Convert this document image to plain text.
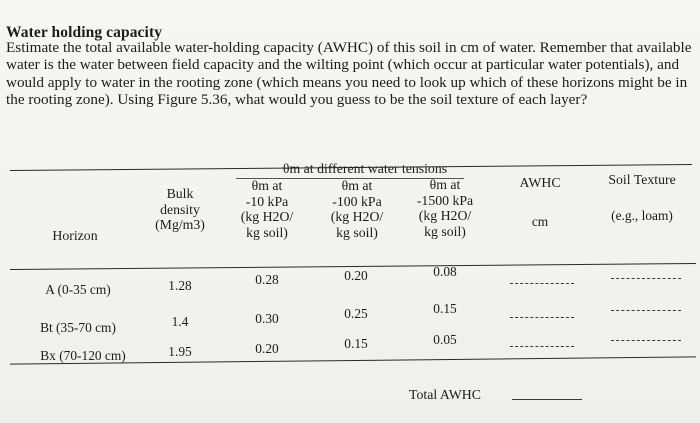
Water holding capacity
Estimate the total available water-holding capacity (AWHC) of this soil in cm of water. Remember that available water is the water between field capacity and the wilting point (which occur at particular water potentials), and would apply to water in the rooting zone (which means you need to look up which of these horizons might be in the rooting zone). Using Figure 5.36, what would you guess to be the soil texture of each layer?
θm at different water tensions
Horizon
Bulk
density
(Mg/m3)
θm at
-10 kPa
(kg H2O/
kg soil)
θm at
-100 kPa
(kg H2O/
kg soil)
θm at
-1500 kPa
(kg H2O/
kg soil)
AWHC
cm
Soil Texture
(e.g., loam)
A (0-35 cm)	1.28	0.28	0.20	0.08
Bt (35-70 cm)	1.4	0.30	0.25	0.15
Bx (70-120 cm)	1.95	0.20	0.15	0.05
Total AWHC
